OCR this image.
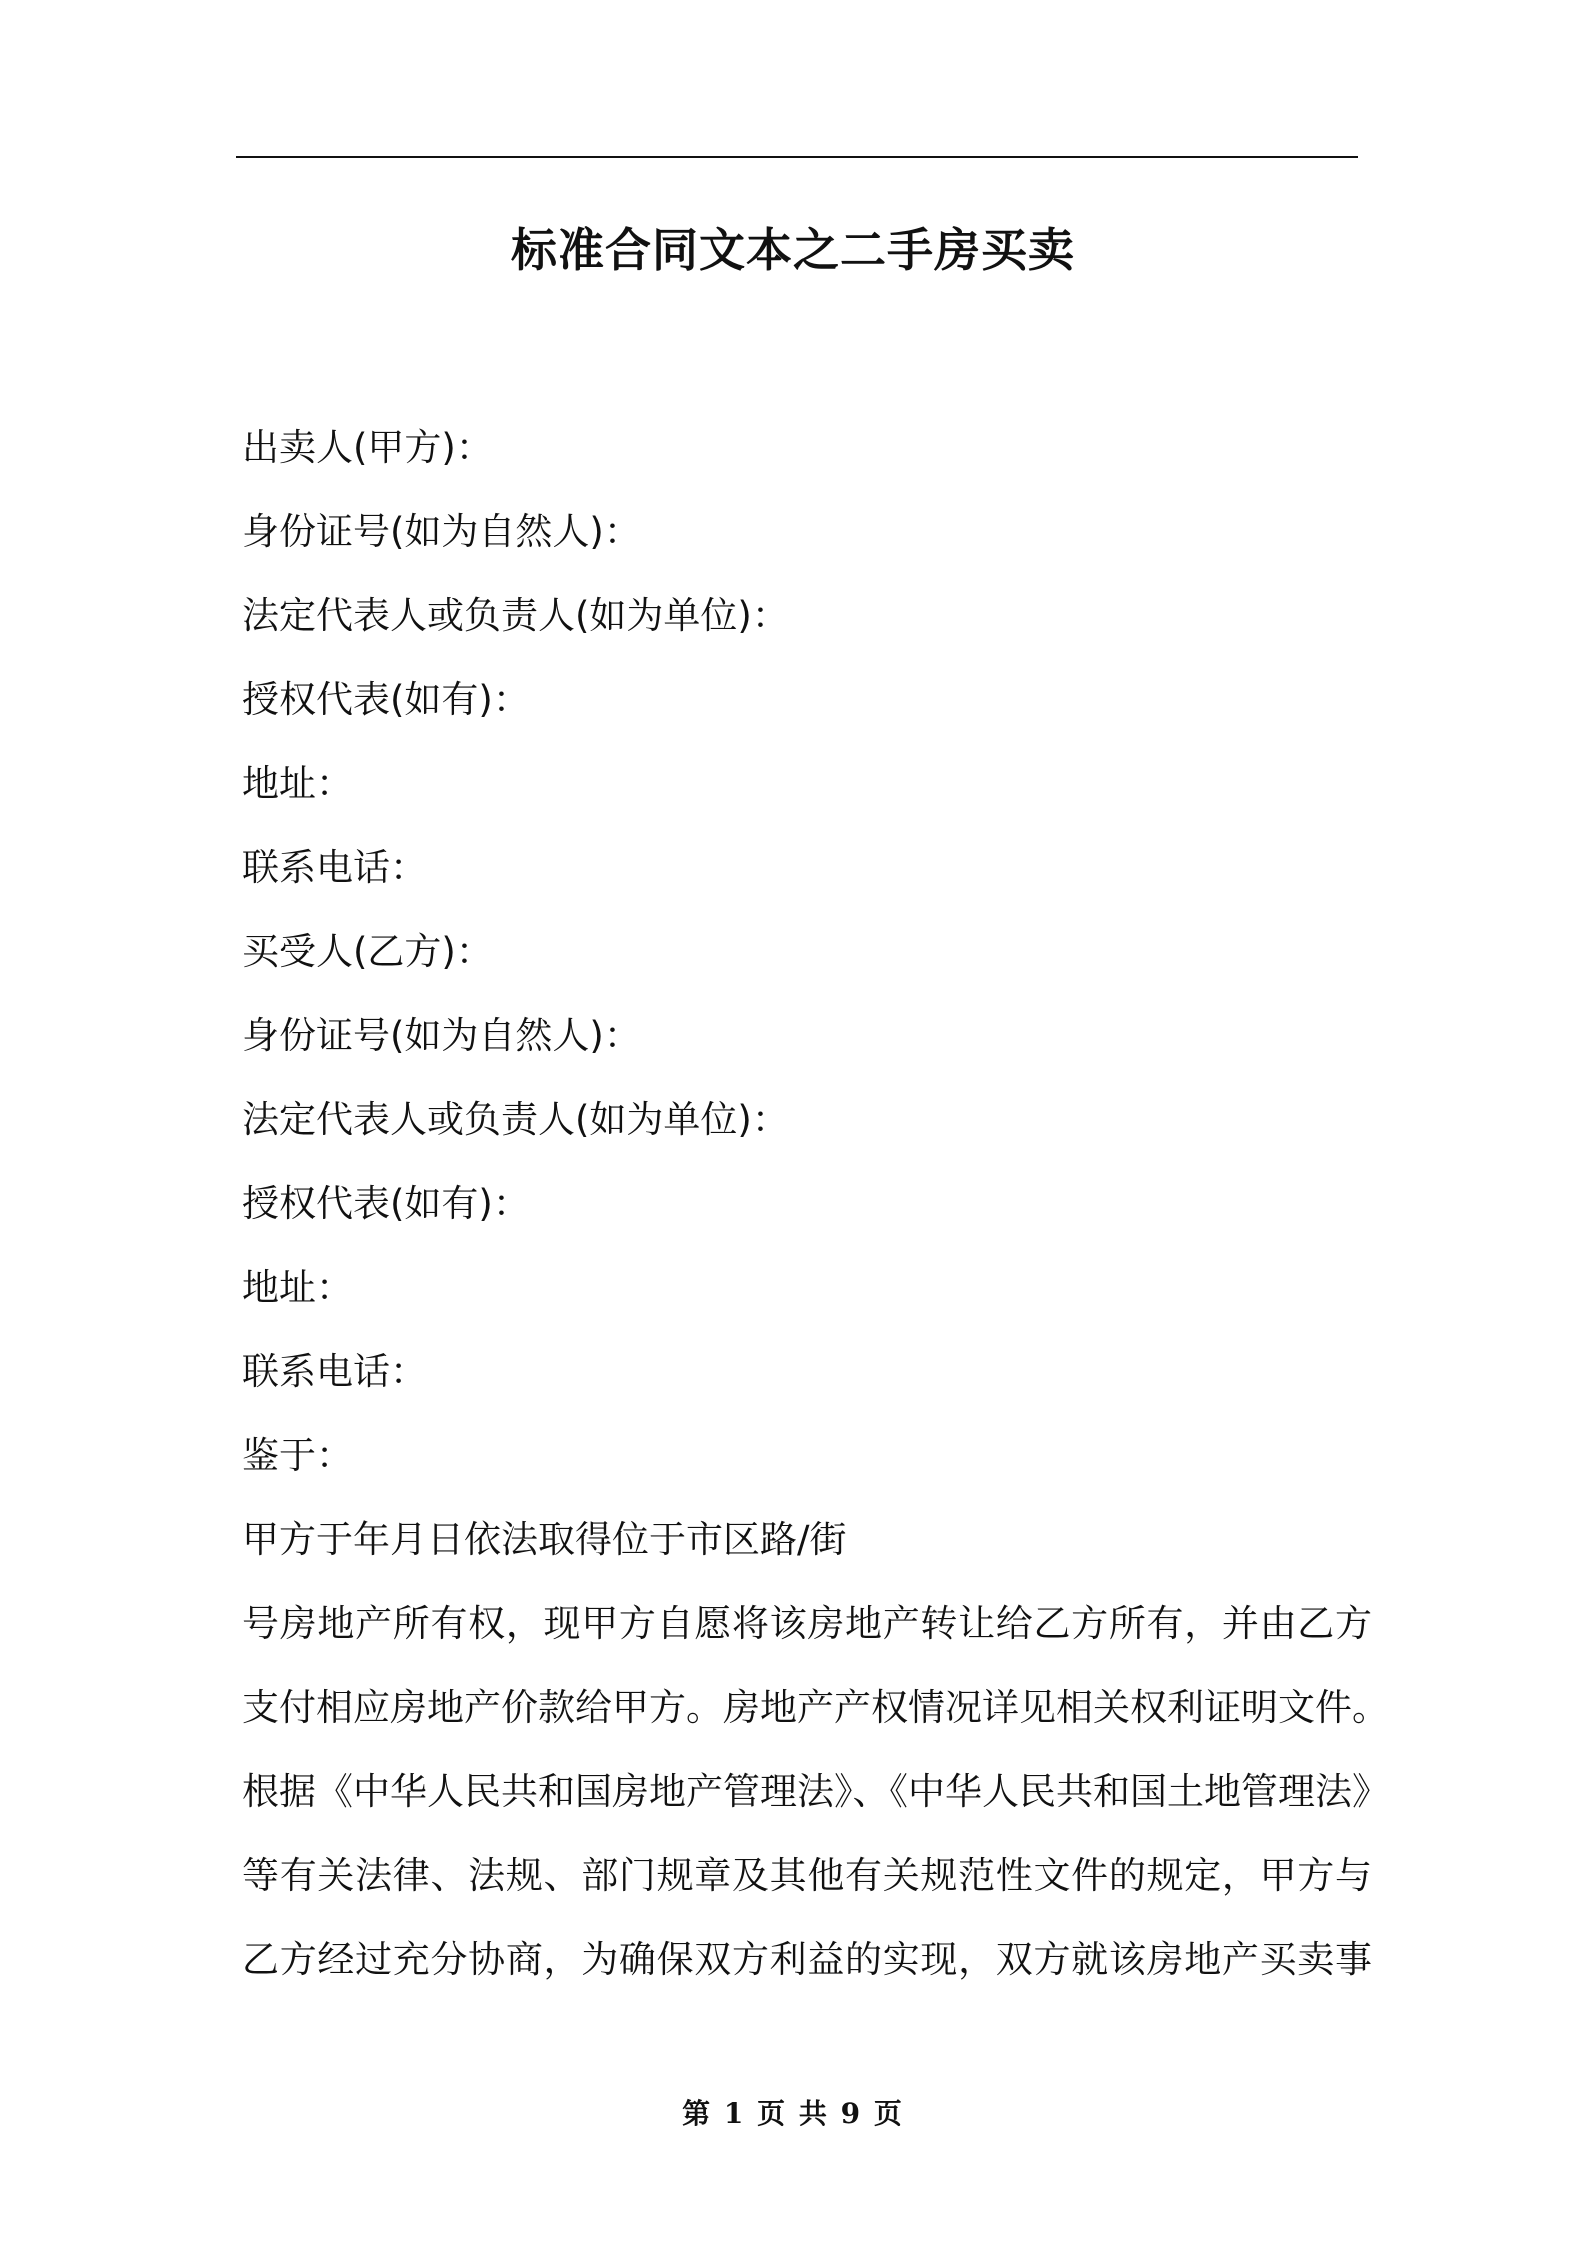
标准合同文本之二手房买卖
出卖人(甲方)：
身份证号(如为自然人)：
法定代表人或负责人(如为单位)：
授权代表(如有)：
地址：
联系电话：
买受人(乙方)：
身份证号(如为自然人)：
法定代表人或负责人(如为单位)：
授权代表(如有)：
地址：
联系电话：
鉴于：
甲方于年月日依法取得位于市区路/街
号房地产所有权，现甲方自愿将该房地产转让给乙方所有，并由乙方
支付相应房地产价款给甲方。房地产产权情况详见相关权利证明文件。
根据《中华人民共和国房地产管理法》、《中华人民共和国土地管理法》
等有关法律、法规、部门规章及其他有关规范性文件的规定，甲方与
乙方经过充分协商，为确保双方利益的实现，双方就该房地产买卖事
第 1 页 共 9 页
